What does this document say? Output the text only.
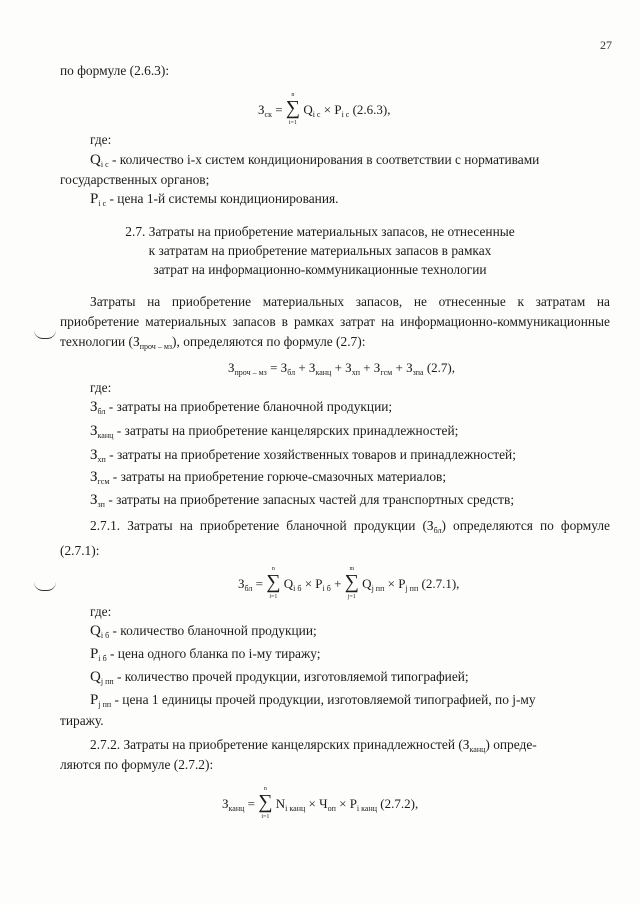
27
по формуле (2.6.3):
$З_{ск}$ = ∑
n
i=1
$Q_{i с} \times P_{i с}$ (2.6.3),
где:
$Q_{i с}$ - количество i-х систем кондиционирования в соответствии с нормативами
государственных органов;
$P_{i с}$ - цена 1-й системы кондиционирования.
2.7. Затраты на приобретение материальных запасов, не отнесенные
к затратам на приобретение материальных запасов в рамках
затрат на информационно-коммуникационные технологии
Затраты на приобретение материальных запасов, не отнесенные к затратам на приобретение материальных запасов в рамках затрат на информационно-коммуникационные технологии $(З_{проч - мз})$, определяются по формуле (2.7):
$З_{проч - мз} = З_{бл} + З_{канц} + З_{хп} + З_{гсм} + З_{зпа}$ (2.7),
где:
$З_{бл}$ - затраты на приобретение бланочной продукции;
$З_{канц}$ - затраты на приобретение канцелярских принадлежностей;
$З_{хп}$ - затраты на приобретение хозяйственных товаров и принадлежностей;
$З_{гсм}$ - затраты на приобретение горюче-смазочных материалов;
$З_{зп}$ - затраты на приобретение запасных частей для транспортных средств;
2.7.1. Затраты на приобретение бланочной продукции $(З_{бл})$ определяются по формуле (2.7.1):
$З_{бл}$ = ∑
n
i=1
$Q_{i б} \times P_{i б}$ + ∑
m
j=1
$Q_{j пп} \times P_{j пп}$ (2.7.1),
где:
$Q_{i б}$ - количество бланочной продукции;
$P_{i б}$ - цена одного бланка по i-му тиражу;
$Q_{j пп}$ - количество прочей продукции, изготовляемой типографией;
$P_{j пп}$ - цена 1 единицы прочей продукции, изготовляемой типографией, по j-му
тиражу.
2.7.2. Затраты на приобретение канцелярских принадлежностей $(З_{канц})$ опреде-
ляются по формуле (2.7.2):
$З_{канц}$ = ∑
n
i=1
$N_{i канц} \times Ч_{оп} \times P_{i канц}$ (2.7.2),
